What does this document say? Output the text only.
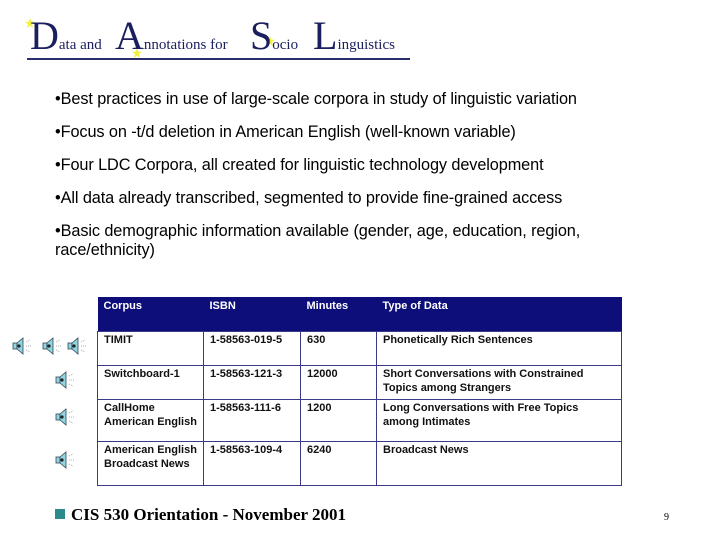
Data and Annotations for Socio Linguistics
•Best practices in use of large-scale corpora in study of linguistic variation
•Focus on -t/d deletion in American English (well-known variable)
•Four LDC Corpora, all created for linguistic technology development
•All data already transcribed, segmented to provide fine-grained access
•Basic demographic information available (gender, age, education, region, race/ethnicity)
Corpus	ISBN	Minutes	Type of Data
TIMIT	1-58563-019-5	630	Phonetically Rich Sentences
Switchboard-1	1-58563-121-3	12000	Short Conversations with Constrained Topics among Strangers
CallHome American English	1-58563-111-6	1200	Long Conversations with Free Topics among Intimates
American English Broadcast News	1-58563-109-4	6240	Broadcast News
CIS 530 Orientation - November 2001	9
